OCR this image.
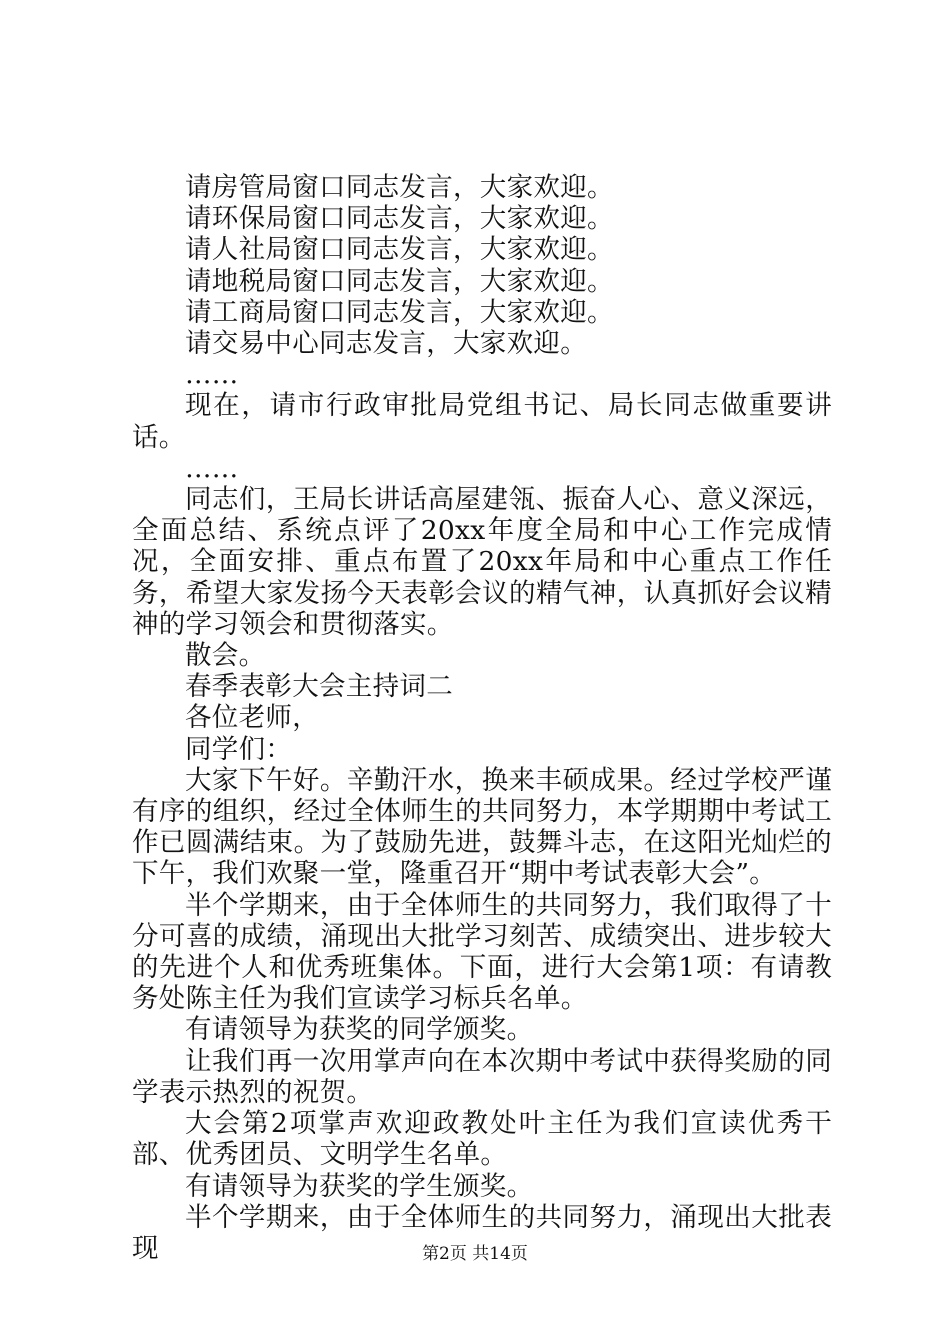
请房管局窗口同志发言，大家欢迎。

请环保局窗口同志发言，大家欢迎。

请人社局窗口同志发言，大家欢迎。

请地税局窗口同志发言，大家欢迎。

请工商局窗口同志发言，大家欢迎。

请交易中心同志发言，大家欢迎。

……

现在，请市行政审批局党组书记、局长同志做重要讲话。

……

同志们，王局长讲话高屋建瓴、振奋人心、意义深远，全面总结、系统点评了20xx年度全局和中心工作完成情况，全面安排、重点布置了20xx年局和中心重点工作任务，希望大家发扬今天表彰会议的精气神，认真抓好会议精神的学习领会和贯彻落实。

散会。

春季表彰大会主持词二

各位老师，

同学们：

大家下午好。辛勤汗水，换来丰硕成果。经过学校严谨有序的组织，经过全体师生的共同努力，本学期期中考试工作已圆满结束。为了鼓励先进，鼓舞斗志，在这阳光灿烂的下午，我们欢聚一堂，隆重召开“期中考试表彰大会”。

半个学期来，由于全体师生的共同努力，我们取得了十分可喜的成绩，涌现出大批学习刻苦、成绩突出、进步较大的先进个人和优秀班集体。下面，进行大会第1项：有请教务处陈主任为我们宣读学习标兵名单。

有请领导为获奖的同学颁奖。

让我们再一次用掌声向在本次期中考试中获得奖励的同学表示热烈的祝贺。

大会第2项掌声欢迎政教处叶主任为我们宣读优秀干部、优秀团员、文明学生名单。

有请领导为获奖的学生颁奖。

半个学期来，由于全体师生的共同努力，涌现出大批表现	第2页 共14页
